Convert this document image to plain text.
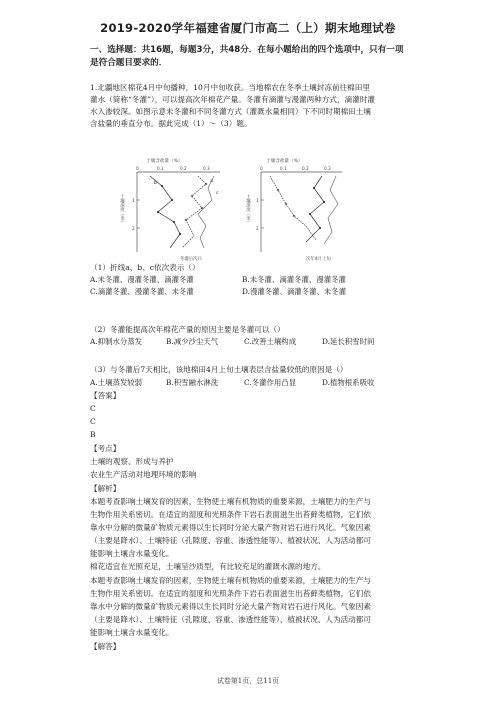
2019-2020学年福建省厦门市高二（上）期末地理试卷
一、选择题：共16题，每题3分，共48分．在每小题给出的四个选项中，只有一项
是符合题目要求的．
1.北疆地区棉花4月中旬播种，10月中旬收获。当地棉农在冬季土壤封冻前往棉田里
灌水（简称“冬灌”），可以提高次年棉花产量。冬灌有滴灌与漫灌两种方式，滴灌时灌
水入渗较深。如图示意未冬灌和不同冬灌方式（灌溉水量相同）下不同时期棉田土壤
含盐量的垂直分布。据此完成（1）～（3）题。
土壤含盐量（%）
0	0.1	0.2	0.3
土壤深度（米） 1
2
a
b
c
冬灌后次日
土壤含盐量（%）
0	0.1	0.2	0.3
土壤深度（米） 1
2
次年4月上旬
（1）折线a、b、c依次表示（）
A.未冬灌、漫灌冬灌、滴灌冬灌	B.未冬灌、滴灌冬灌、漫灌冬灌
C.滴灌冬灌、漫灌冬灌、未冬灌	D.漫灌冬灌、滴灌冬灌、未冬灌
（2）冬灌能提高次年棉花产量的原因主要是冬灌可以（）
A.抑制水分蒸发	B.减少沙尘天气	C.改善土壤构成	D.延长积雪时间
（3）与冬灌后7天相比，该地棉田4月上旬土壤表层含盐量较低的原因是（）
A.土壤蒸发较弱	B.积雪融水淋洗	C.冬灌作用凸显	D.植物根系吸收
【答案】
C
C
B
【考点】
土壤的观察、形成与养护
农业生产活动对地理环境的影响
【解析】
本题考查影响土壤发育的因素，生物使土壤有机物质的重要来源，土壤肥力的生产与
生物作用关系密切。在适宜的湿度和光照条件下岩石表面滋生出苔藓类植物，它们依
靠水中分解的微量矿物质元素得以生长同时分泌大量产物对岩石进行风化。气象因素
（主要是降水）、土壤特征（孔隙度、容重、渗透性能等）、植被状况、人为活动都可
能影响土壤含水量变化。
棉花适宜在光照充足，土壤呈沙质型，有比较充足的灌溉水源的地方。
本题考查影响土壤发育的因素，生物使土壤有机物质的重要来源，土壤肥力的生产与
生物作用关系密切。在适宜的湿度和光照条件下岩石表面滋生出苔藓类植物，它们依
靠水中分解的微量矿物质元素得以生长同时分泌大量产物对岩石进行风化。气象因素
（主要是降水）、土壤特征（孔隙度、容重、渗透性能等）、植被状况、人为活动都可
能影响土壤含水量变化。
【解答】
试卷第1页，总11页
